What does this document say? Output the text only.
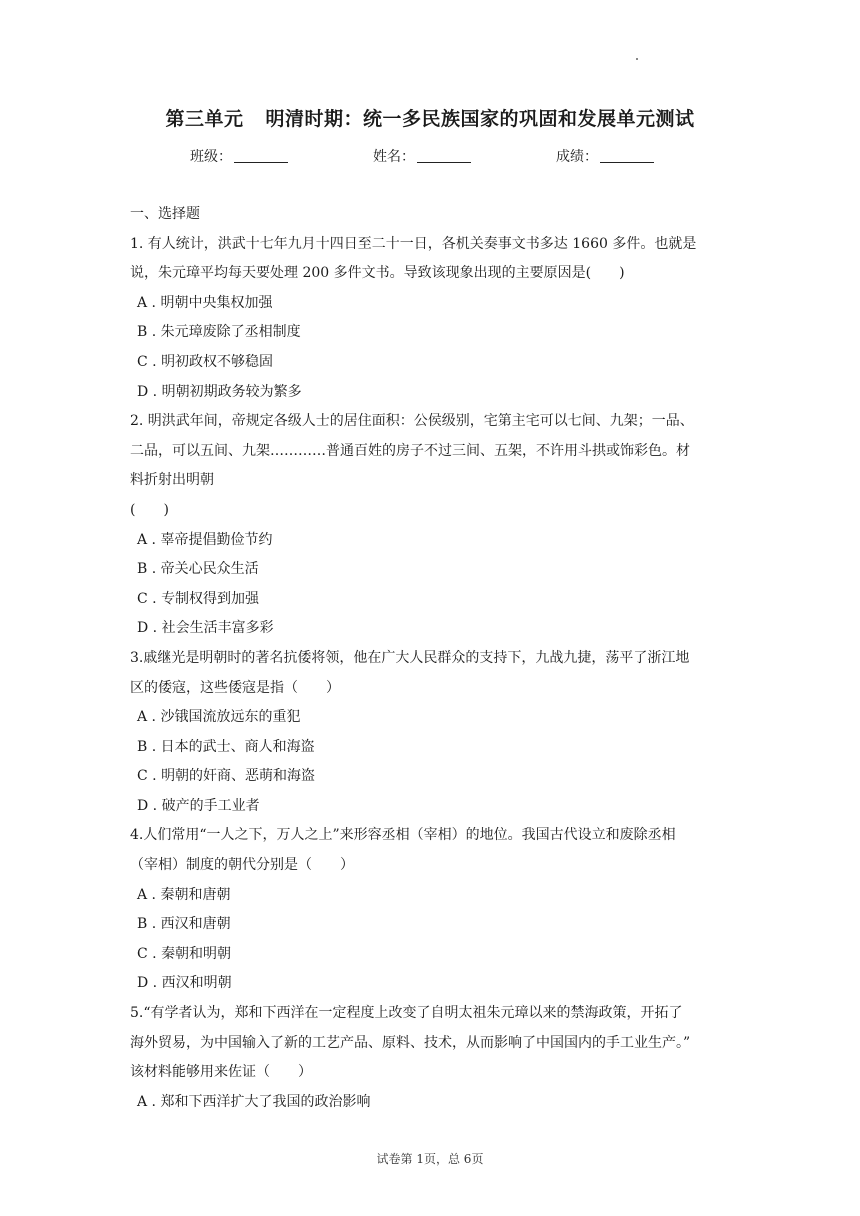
第三单元 明清时期：统一多民族国家的巩固和发展单元测试
班级：	姓名：	成绩：
一、选择题
1. 有人统计，洪武十七年九月十四日至二十一日，各机关奏事文书多达 1660 多件。也就是
说，朱元璋平均每天要处理 200 多件文书。导致该现象出现的主要原因是(　　)
A . 明朝中央集权加强
B . 朱元璋废除了丞相制度
C . 明初政权不够稳固
D . 明朝初期政务较为繁多
2. 明洪武年间，帝规定各级人士的居住面积：公侯级别，宅第主宅可以七间、九架；一品、
二品，可以五间、九架…………普通百姓的房子不过三间、五架，不许用斗拱或饰彩色。材
料折射出明朝
(　　)
A . 辜帝提倡勤俭节约
B . 帝关心民众生活
C . 专制权得到加强
D . 社会生活丰富多彩
3.戚继光是明朝时的著名抗倭将领，他在广大人民群众的支持下，九战九捷，荡平了浙江地
区的倭寇，这些倭寇是指（　　）
A . 沙锇国流放远东的重犯
B . 日本的武士、商人和海盗
C . 明朝的奸商、恶萌和海盗
D . 破产的手工业者
4.人们常用“一人之下，万人之上”来形容丞相（宰相）的地位。我国古代设立和废除丞相
（宰相）制度的朝代分别是（　　）
A . 秦朝和唐朝
B . 西汉和唐朝
C . 秦朝和明朝
D . 西汉和明朝
5.“有学者认为，郑和下西洋在一定程度上改变了自明太祖朱元璋以来的禁海政策，开拓了
海外贸易，为中国输入了新的工艺产品、原料、技术，从而影响了中国国内的手工业生产。”
该材料能够用来佐证（　　）
A . 郑和下西洋扩大了我国的政治影响
试卷第 1页，总 6页
